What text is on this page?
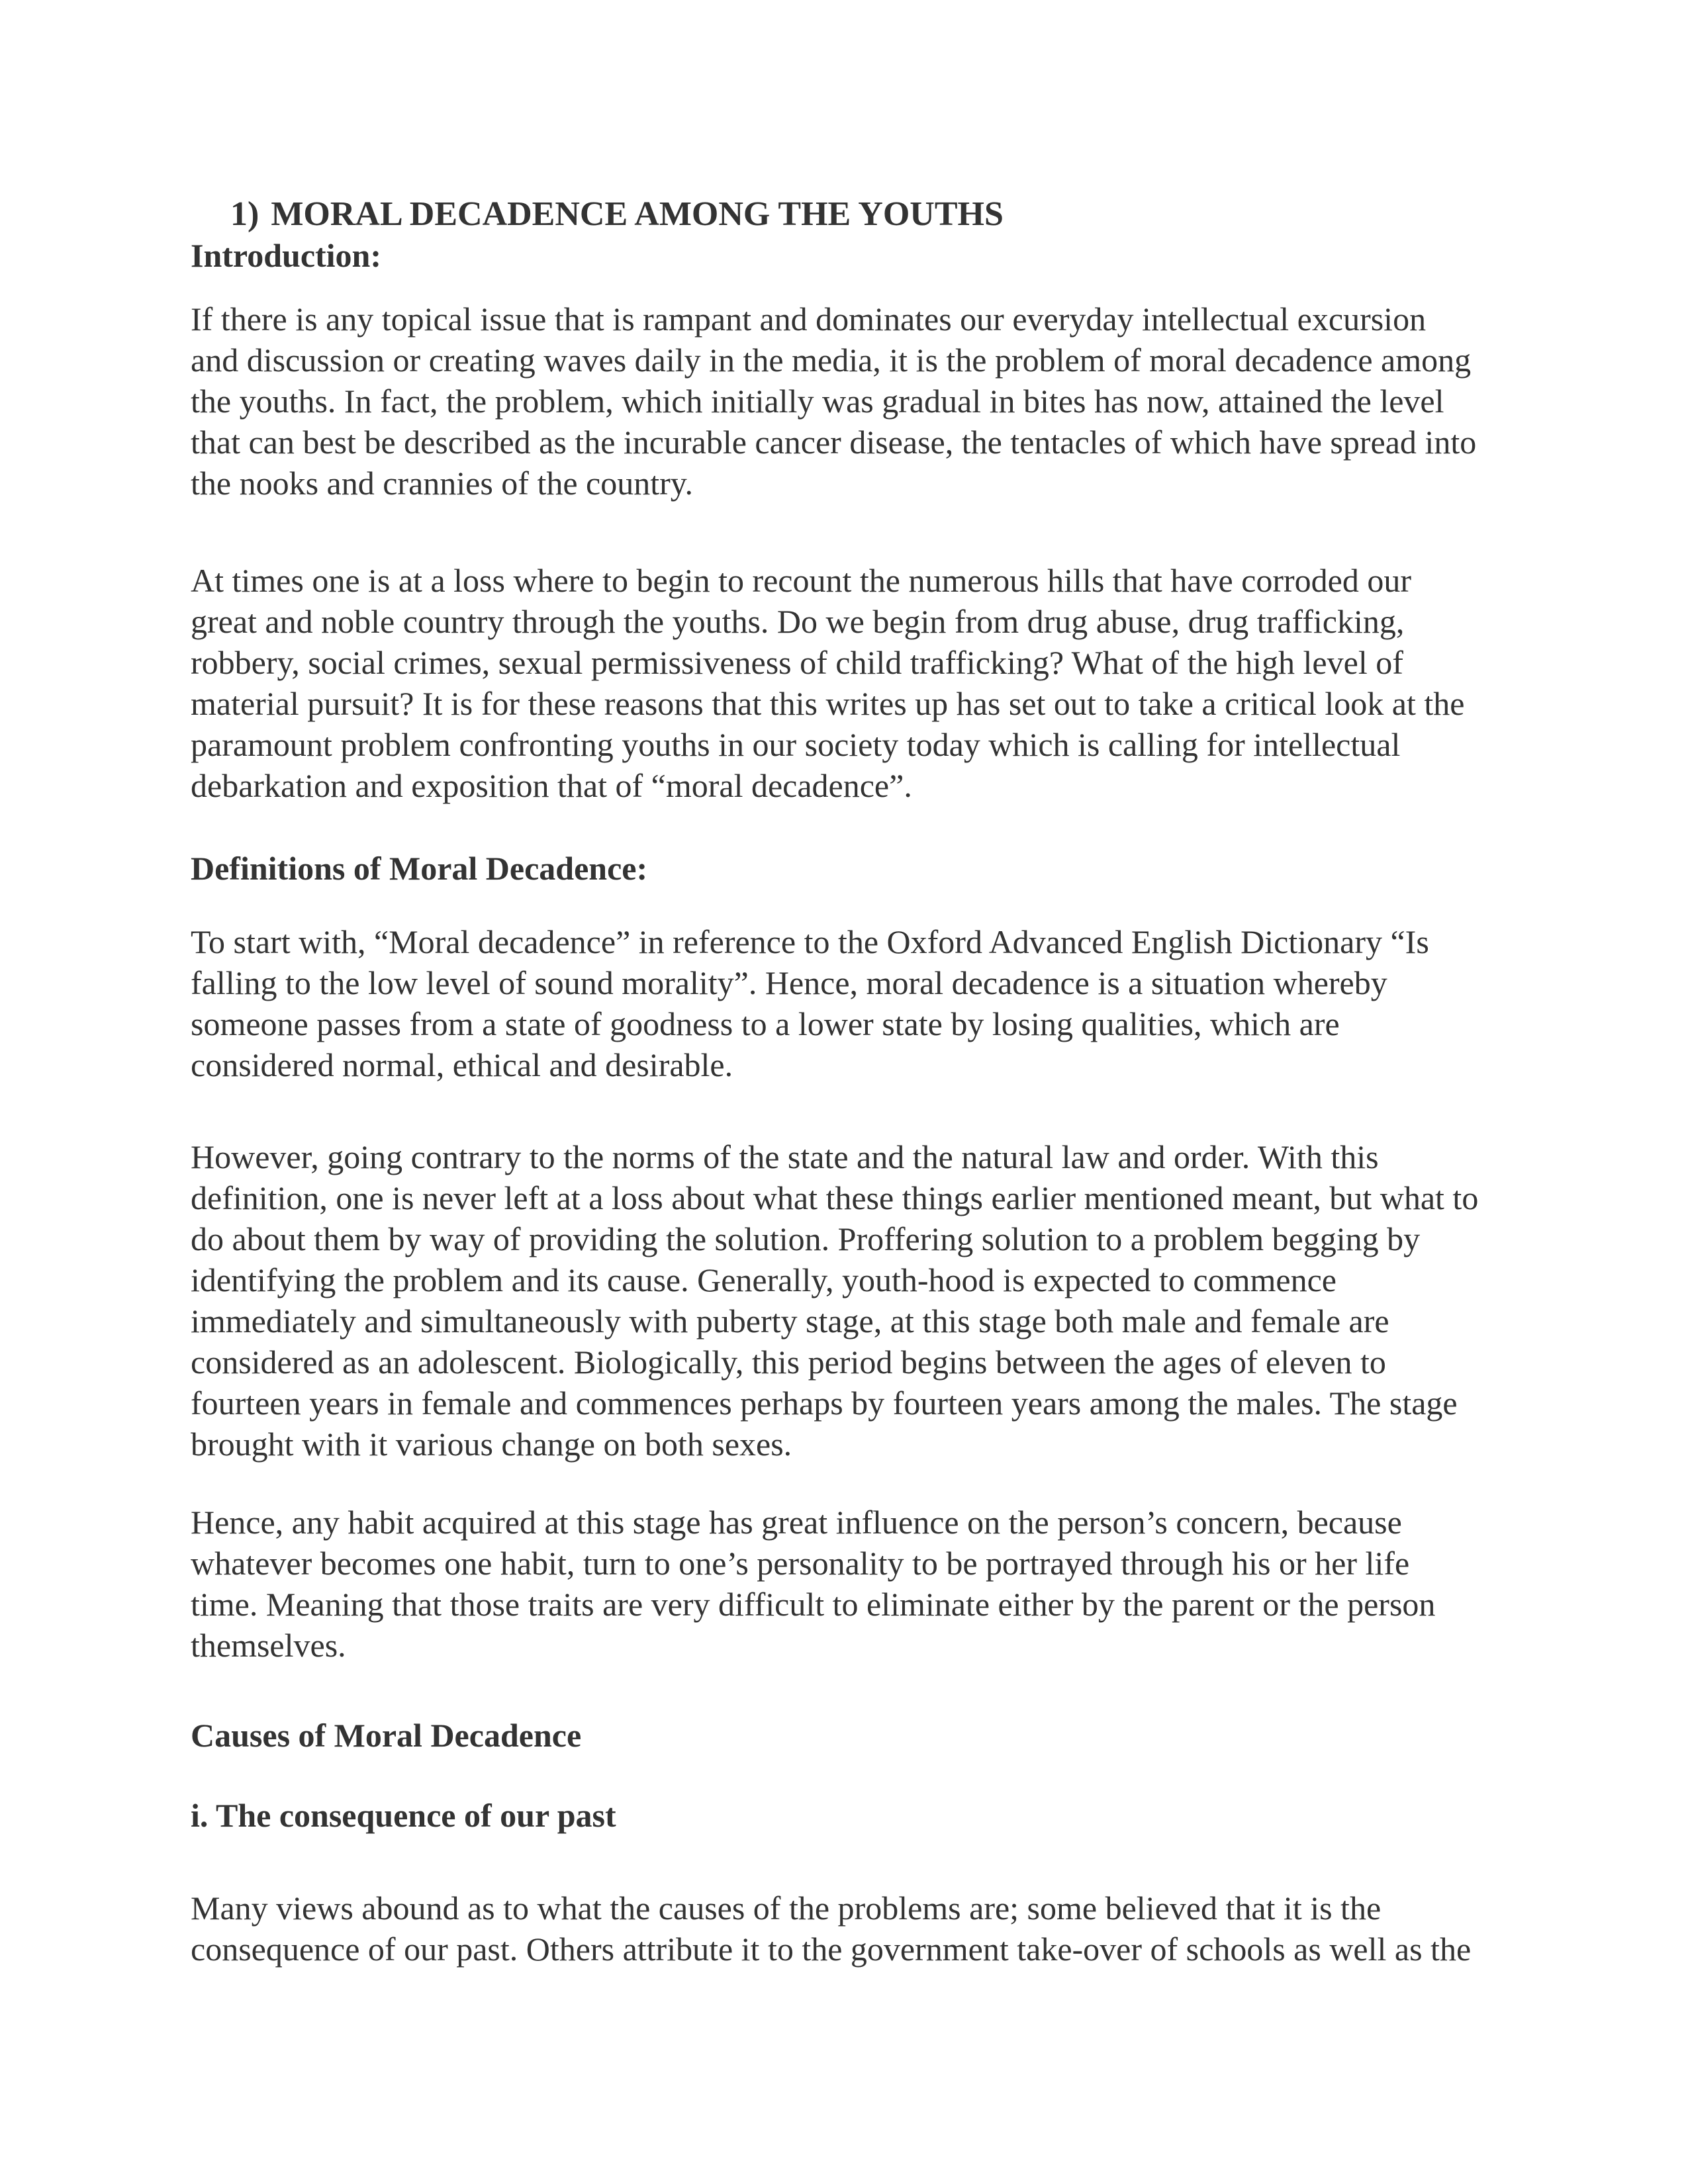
1) MORAL DECADENCE AMONG THE YOUTHS
Introduction:
If there is any topical issue that is rampant and dominates our everyday intellectual excursion
and discussion or creating waves daily in the media, it is the problem of moral decadence among
the youths. In fact, the problem, which initially was gradual in bites has now, attained the level
that can best be described as the incurable cancer disease, the tentacles of which have spread into
the nooks and crannies of the country.
At times one is at a loss where to begin to recount the numerous hills that have corroded our
great and noble country through the youths. Do we begin from drug abuse, drug trafficking,
robbery, social crimes, sexual permissiveness of child trafficking? What of the high level of
material pursuit? It is for these reasons that this writes up has set out to take a critical look at the
paramount problem confronting youths in our society today which is calling for intellectual
debarkation and exposition that of “moral decadence”.
Definitions of Moral Decadence:
To start with, “Moral decadence” in reference to the Oxford Advanced English Dictionary “Is
falling to the low level of sound morality”. Hence, moral decadence is a situation whereby
someone passes from a state of goodness to a lower state by losing qualities, which are
considered normal, ethical and desirable.
However, going contrary to the norms of the state and the natural law and order. With this
definition, one is never left at a loss about what these things earlier mentioned meant, but what to
do about them by way of providing the solution. Proffering solution to a problem begging by
identifying the problem and its cause. Generally, youth-hood is expected to commence
immediately and simultaneously with puberty stage, at this stage both male and female are
considered as an adolescent. Biologically, this period begins between the ages of eleven to
fourteen years in female and commences perhaps by fourteen years among the males. The stage
brought with it various change on both sexes.
Hence, any habit acquired at this stage has great influence on the person’s concern, because
whatever becomes one habit, turn to one’s personality to be portrayed through his or her life
time. Meaning that those traits are very difficult to eliminate either by the parent or the person
themselves.
Causes of Moral Decadence
i. The consequence of our past
Many views abound as to what the causes of the problems are; some believed that it is the
consequence of our past. Others attribute it to the government take-over of schools as well as the
